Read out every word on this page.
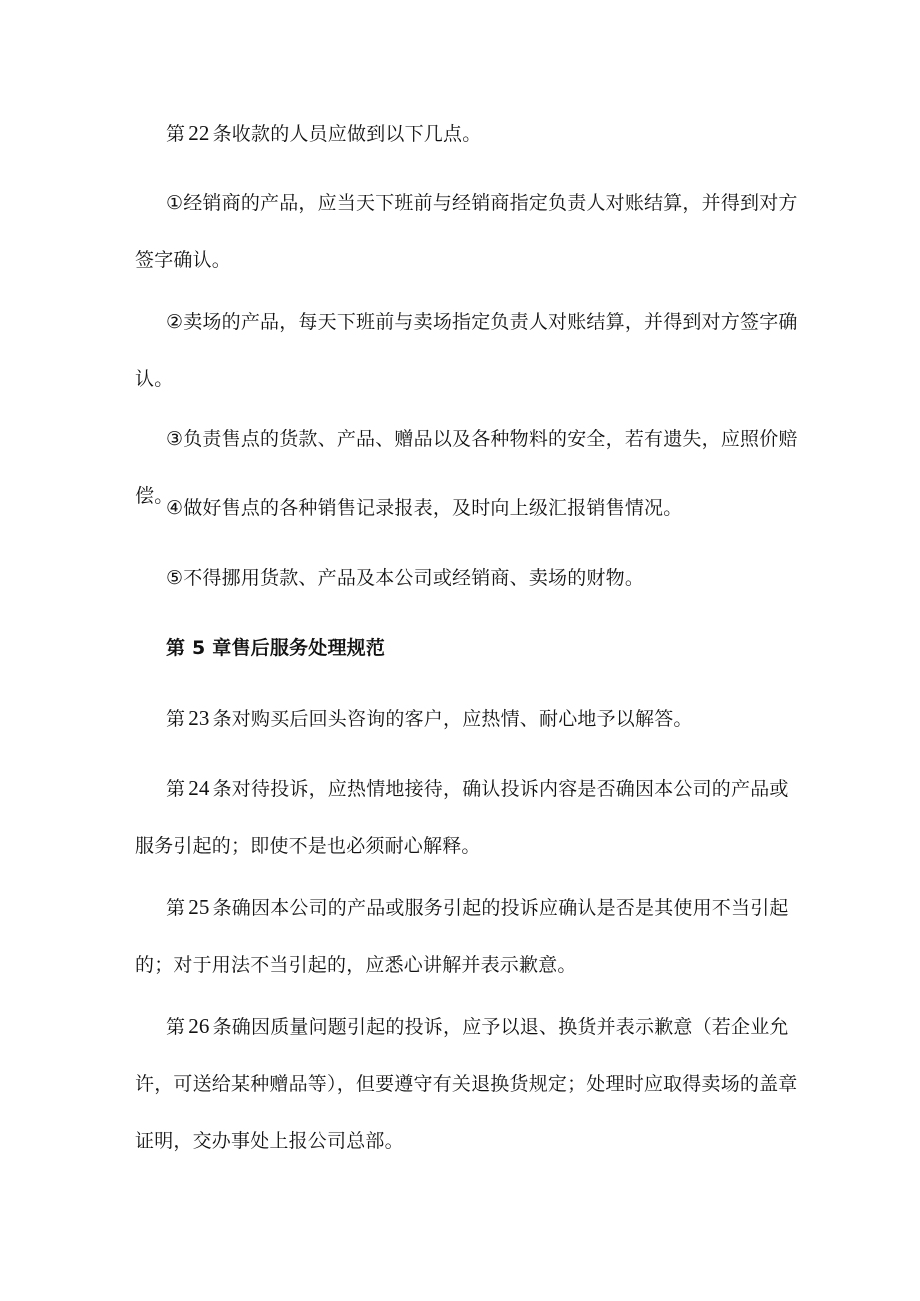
第 22 条收款的人员应做到以下几点。

①经销商的产品，应当天下班前与经销商指定负责人对账结算，并得到对方签字确认。

②卖场的产品，每天下班前与卖场指定负责人对账结算，并得到对方签字确认。

③负责售点的货款、产品、赠品以及各种物料的安全，若有遗失，应照价赔偿。

④做好售点的各种销售记录报表，及时向上级汇报销售情况。

⑤不得挪用货款、产品及本公司或经销商、卖场的财物。

第 5 章售后服务处理规范

第 23 条对购买后回头咨询的客户，应热情、耐心地予以解答。

第 24 条对待投诉，应热情地接待，确认投诉内容是否确因本公司的产品或服务引起的；即使不是也必须耐心解释。

第 25 条确因本公司的产品或服务引起的投诉应确认是否是其使用不当引起的；对于用法不当引起的，应悉心讲解并表示歉意。

第 26 条确因质量问题引起的投诉，应予以退、换货并表示歉意（若企业允许，可送给某种赠品等），但要遵守有关退换货规定；处理时应取得卖场的盖章证明，交办事处上报公司总部。
